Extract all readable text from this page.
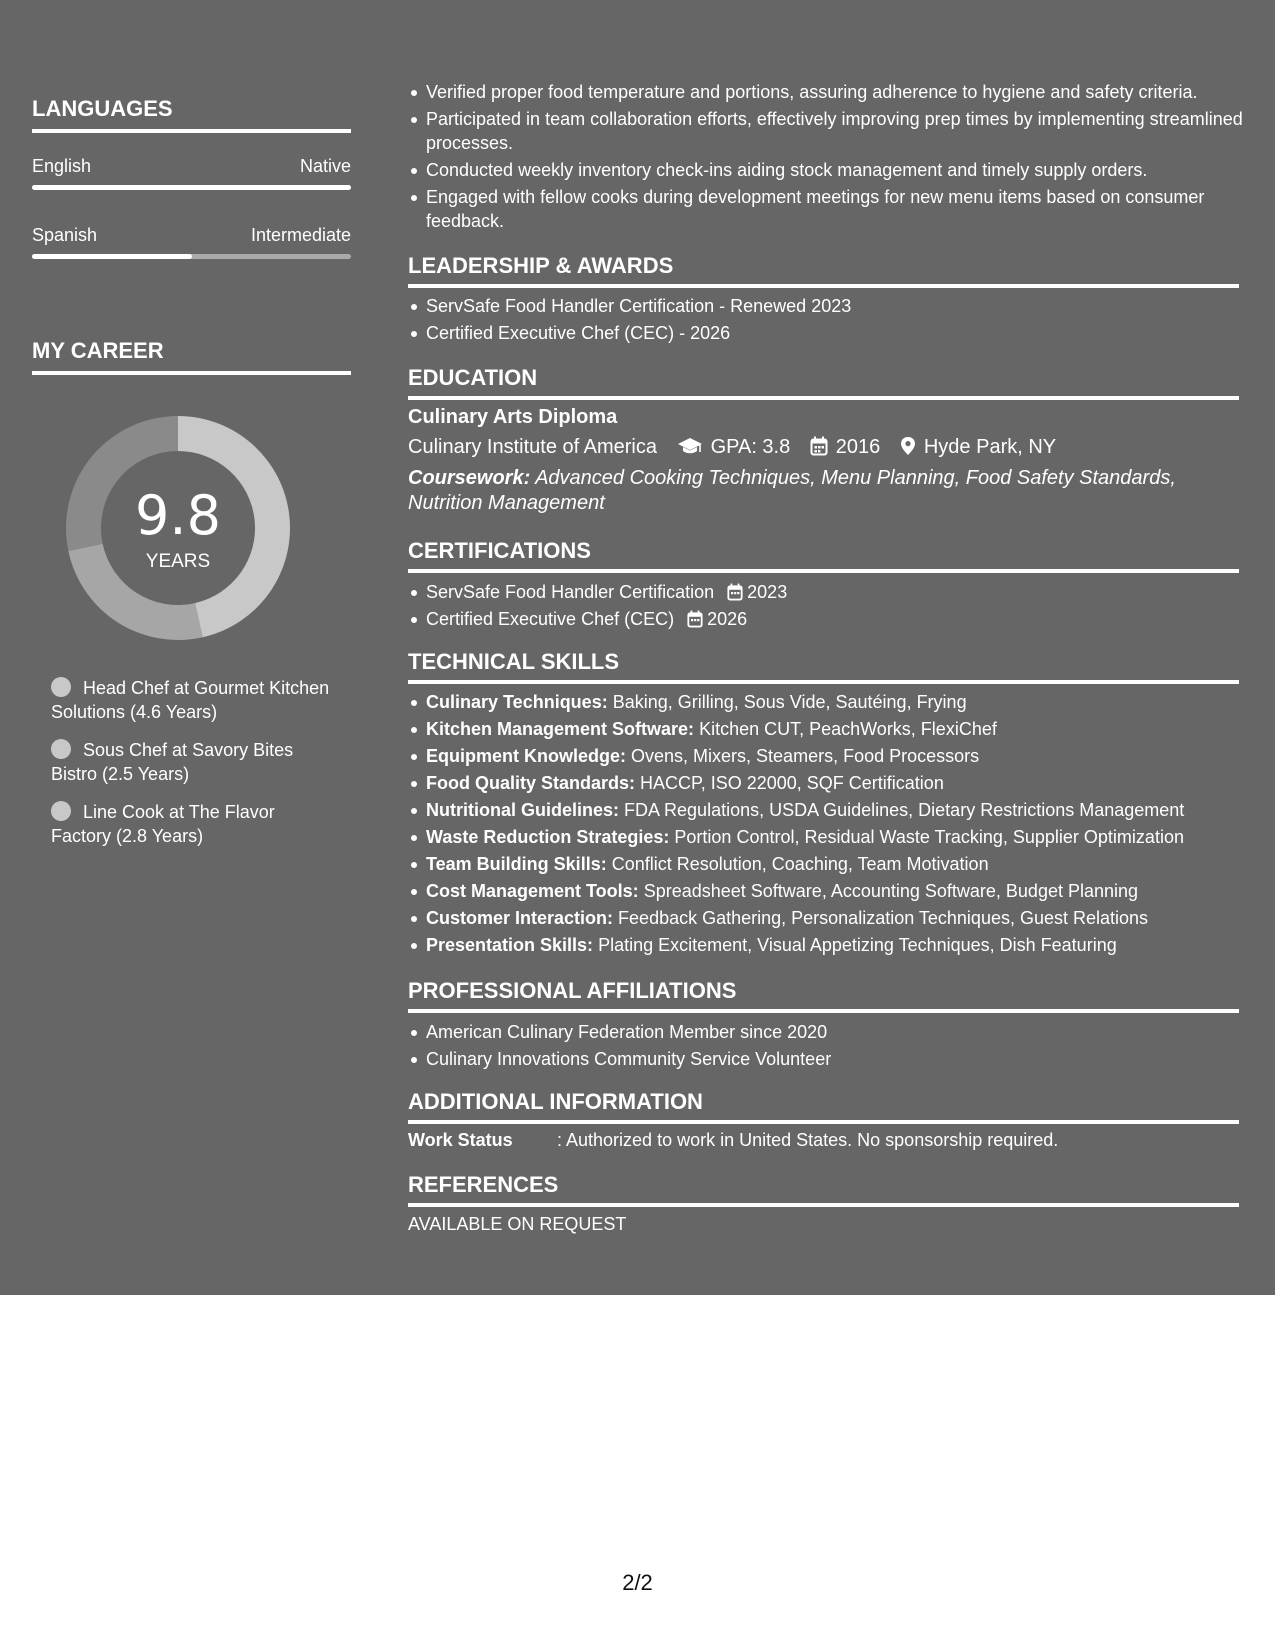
LANGUAGES
English	Native
Spanish	Intermediate
MY CAREER
9.8
YEARS
Head Chef at Gourmet Kitchen Solutions (4.6 Years)
Sous Chef at Savory Bites Bistro (2.5 Years)
Line Cook at The Flavor Factory (2.8 Years)
Verified proper food temperature and portions, assuring adherence to hygiene and safety criteria.
Participated in team collaboration efforts, effectively improving prep times by implementing streamlined processes.
Conducted weekly inventory check-ins aiding stock management and timely supply orders.
Engaged with fellow cooks during development meetings for new menu items based on consumer feedback.
LEADERSHIP & AWARDS
ServSafe Food Handler Certification - Renewed 2023
Certified Executive Chef (CEC) - 2026
EDUCATION
Culinary Arts Diploma
Culinary Institute of America	GPA: 3.8 2016 Hyde Park, NY
Coursework: Advanced Cooking Techniques, Menu Planning, Food Safety Standards, Nutrition Management
CERTIFICATIONS
ServSafe Food Handler Certification 2023
Certified Executive Chef (CEC) 2026
TECHNICAL SKILLS
Culinary Techniques: Baking, Grilling, Sous Vide, Sautéing, Frying
Kitchen Management Software: Kitchen CUT, PeachWorks, FlexiChef
Equipment Knowledge: Ovens, Mixers, Steamers, Food Processors
Food Quality Standards: HACCP, ISO 22000, SQF Certification
Nutritional Guidelines: FDA Regulations, USDA Guidelines, Dietary Restrictions Management
Waste Reduction Strategies: Portion Control, Residual Waste Tracking, Supplier Optimization
Team Building Skills: Conflict Resolution, Coaching, Team Motivation
Cost Management Tools: Spreadsheet Software, Accounting Software, Budget Planning
Customer Interaction: Feedback Gathering, Personalization Techniques, Guest Relations
Presentation Skills: Plating Excitement, Visual Appetizing Techniques, Dish Featuring
PROFESSIONAL AFFILIATIONS
American Culinary Federation Member since 2020
Culinary Innovations Community Service Volunteer
ADDITIONAL INFORMATION
Work Status : Authorized to work in United States. No sponsorship required.
REFERENCES
AVAILABLE ON REQUEST
2/2
